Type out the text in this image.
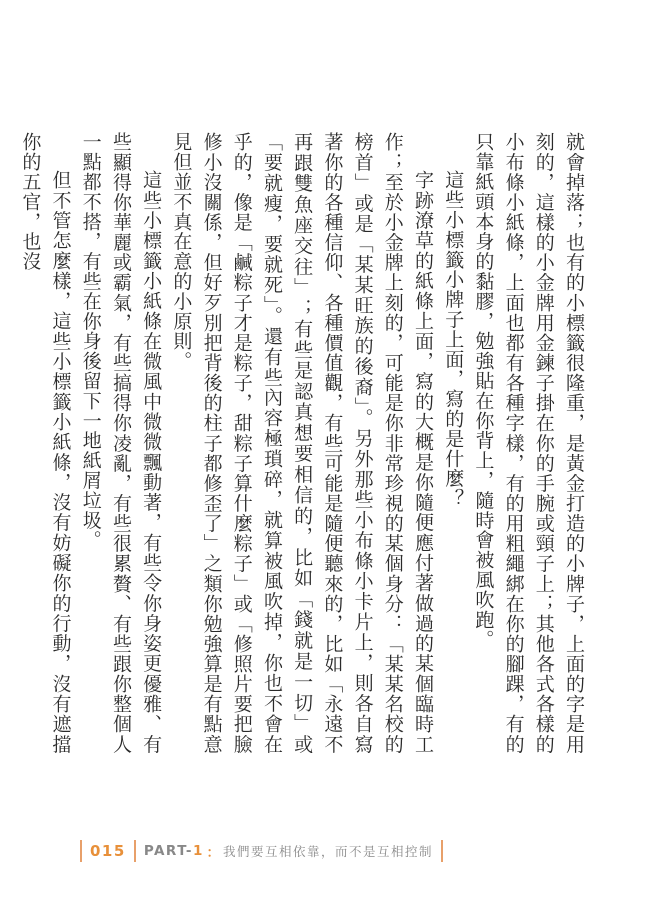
就會掉落；也有的小標籤很隆重，是黃金打造的小牌子，上面的字是用刻的，這樣的小金牌用金鍊子掛在你的手腕或頸子上；其他各式各樣的小布條小紙條，上面也都有各種字樣，有的用粗繩綁在你的腳踝，有的只靠紙頭本身的黏膠，勉強貼在你背上，隨時會被風吹跑。

這些小標籤小牌子上面，寫的是什麼？

字跡潦草的紙條上面，寫的大概是你隨便應付著做過的某個臨時工作；至於小金牌上刻的，可能是你非常珍視的某個身分：「某某名校的榜首」或是「某某旺族的後裔」。另外那些小布條小卡片上，則各自寫著你的各種信仰、各種價值觀，有些可能是隨便聽來的，比如「永遠不再跟雙魚座交往」；有些是認真想要相信的，比如「錢就是一切」或「要就瘦，要就死」。還有些內容極瑣碎，就算被風吹掉，你也不會在乎的，像是「鹹粽子才是粽子，甜粽子算什麼粽子」或「修照片要把臉修小沒關係，但好歹別把背後的柱子都修歪了」之類你勉強算是有點意見但並不真在意的小原則。

這些小標籤小紙條在微風中微微飄動著，有些令你身姿更優雅、有些顯得你華麗或霸氣，有些搞得你凌亂，有些很累贅、有些跟你整個人一點都不搭，有些在你身後留下一地紙屑垃圾。

但不管怎麼樣，這些小標籤小紙條，沒有妨礙你的行動，沒有遮擋你的五官，也沒

015	PART- 1 ： 我們要互相依靠，而不是互相控制
